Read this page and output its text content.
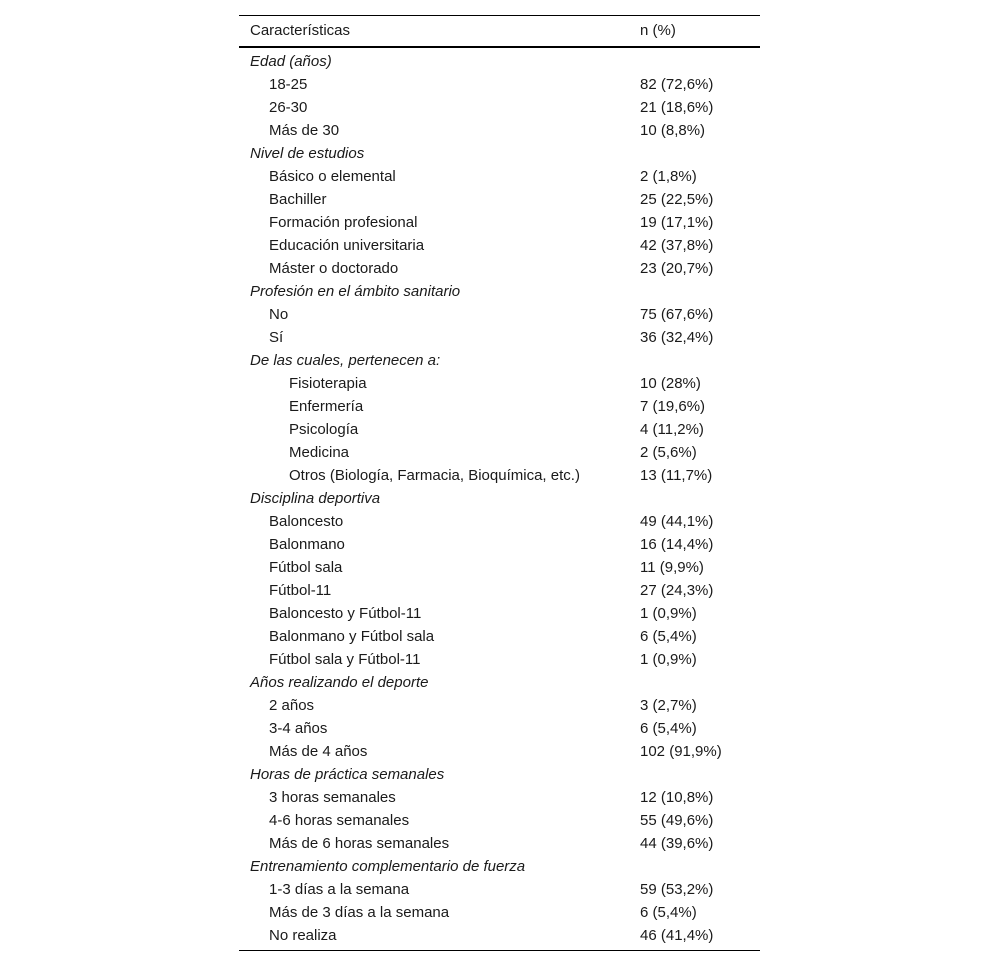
Características	n (%)
Edad (años)
18-25	82 (72,6%)
26-30	21 (18,6%)
Más de 30	10 (8,8%)
Nivel de estudios
Básico o elemental	2 (1,8%)
Bachiller	25 (22,5%)
Formación profesional	19 (17,1%)
Educación universitaria	42 (37,8%)
Máster o doctorado	23 (20,7%)
Profesión en el ámbito sanitario
No	75 (67,6%)
Sí	36 (32,4%)
De las cuales, pertenecen a:
Fisioterapia	10 (28%)
Enfermería	7 (19,6%)
Psicología	4 (11,2%)
Medicina	2 (5,6%)
Otros (Biología, Farmacia, Bioquímica, etc.)	13 (11,7%)
Disciplina deportiva
Baloncesto	49 (44,1%)
Balonmano	16 (14,4%)
Fútbol sala	11 (9,9%)
Fútbol-11	27 (24,3%)
Baloncesto y Fútbol-11	1 (0,9%)
Balonmano y Fútbol sala	6 (5,4%)
Fútbol sala y Fútbol-11	1 (0,9%)
Años realizando el deporte
2 años	3 (2,7%)
3-4 años	6 (5,4%)
Más de 4 años	102 (91,9%)
Horas de práctica semanales
3 horas semanales	12 (10,8%)
4-6 horas semanales	55 (49,6%)
Más de 6 horas semanales	44 (39,6%)
Entrenamiento complementario de fuerza
1-3 días a la semana	59 (53,2%)
Más de 3 días a la semana	6 (5,4%)
No realiza	46 (41,4%)
